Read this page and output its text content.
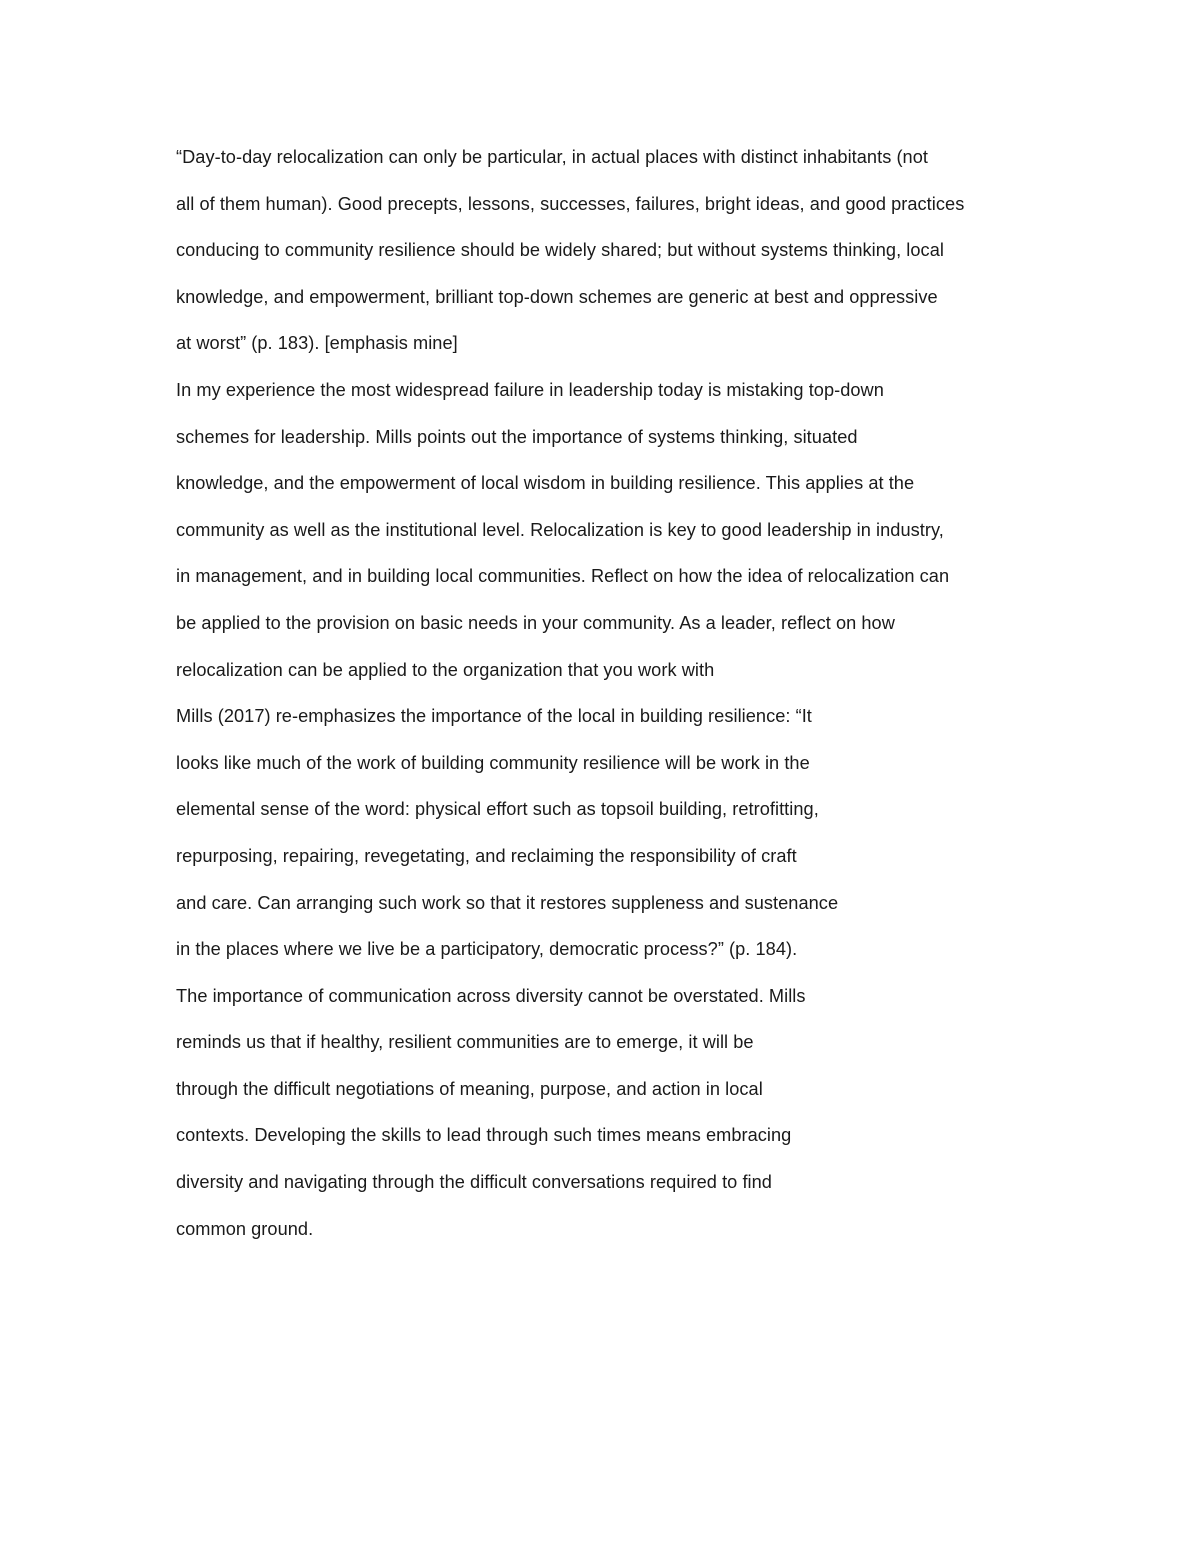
“Day-to-day relocalization can only be particular, in actual places with distinct inhabitants (not
all of them human). Good precepts, lessons, successes, failures, bright ideas, and good practices
conducing to community resilience should be widely shared; but without systems thinking, local
knowledge, and empowerment, brilliant top-down schemes are generic at best and oppressive
at worst” (p. 183). [emphasis mine]
In my experience the most widespread failure in leadership today is mistaking top-down
schemes for leadership. Mills points out the importance of systems thinking, situated
knowledge, and the empowerment of local wisdom in building resilience. This applies at the
community as well as the institutional level. Relocalization is key to good leadership in industry,
in management, and in building local communities. Reflect on how the idea of relocalization can
be applied to the provision on basic needs in your community. As a leader, reflect on how
relocalization can be applied to the organization that you work with
Mills (2017) re-emphasizes the importance of the local in building resilience: “It
looks like much of the work of building community resilience will be work in the
elemental sense of the word: physical effort such as topsoil building, retrofitting,
repurposing, repairing, revegetating, and reclaiming the responsibility of craft
and care. Can arranging such work so that it restores suppleness and sustenance
in the places where we live be a participatory, democratic process?” (p. 184).
The importance of communication across diversity cannot be overstated. Mills
reminds us that if healthy, resilient communities are to emerge, it will be
through the difficult negotiations of meaning, purpose, and action in local
contexts. Developing the skills to lead through such times means embracing
diversity and navigating through the difficult conversations required to find
common ground.
